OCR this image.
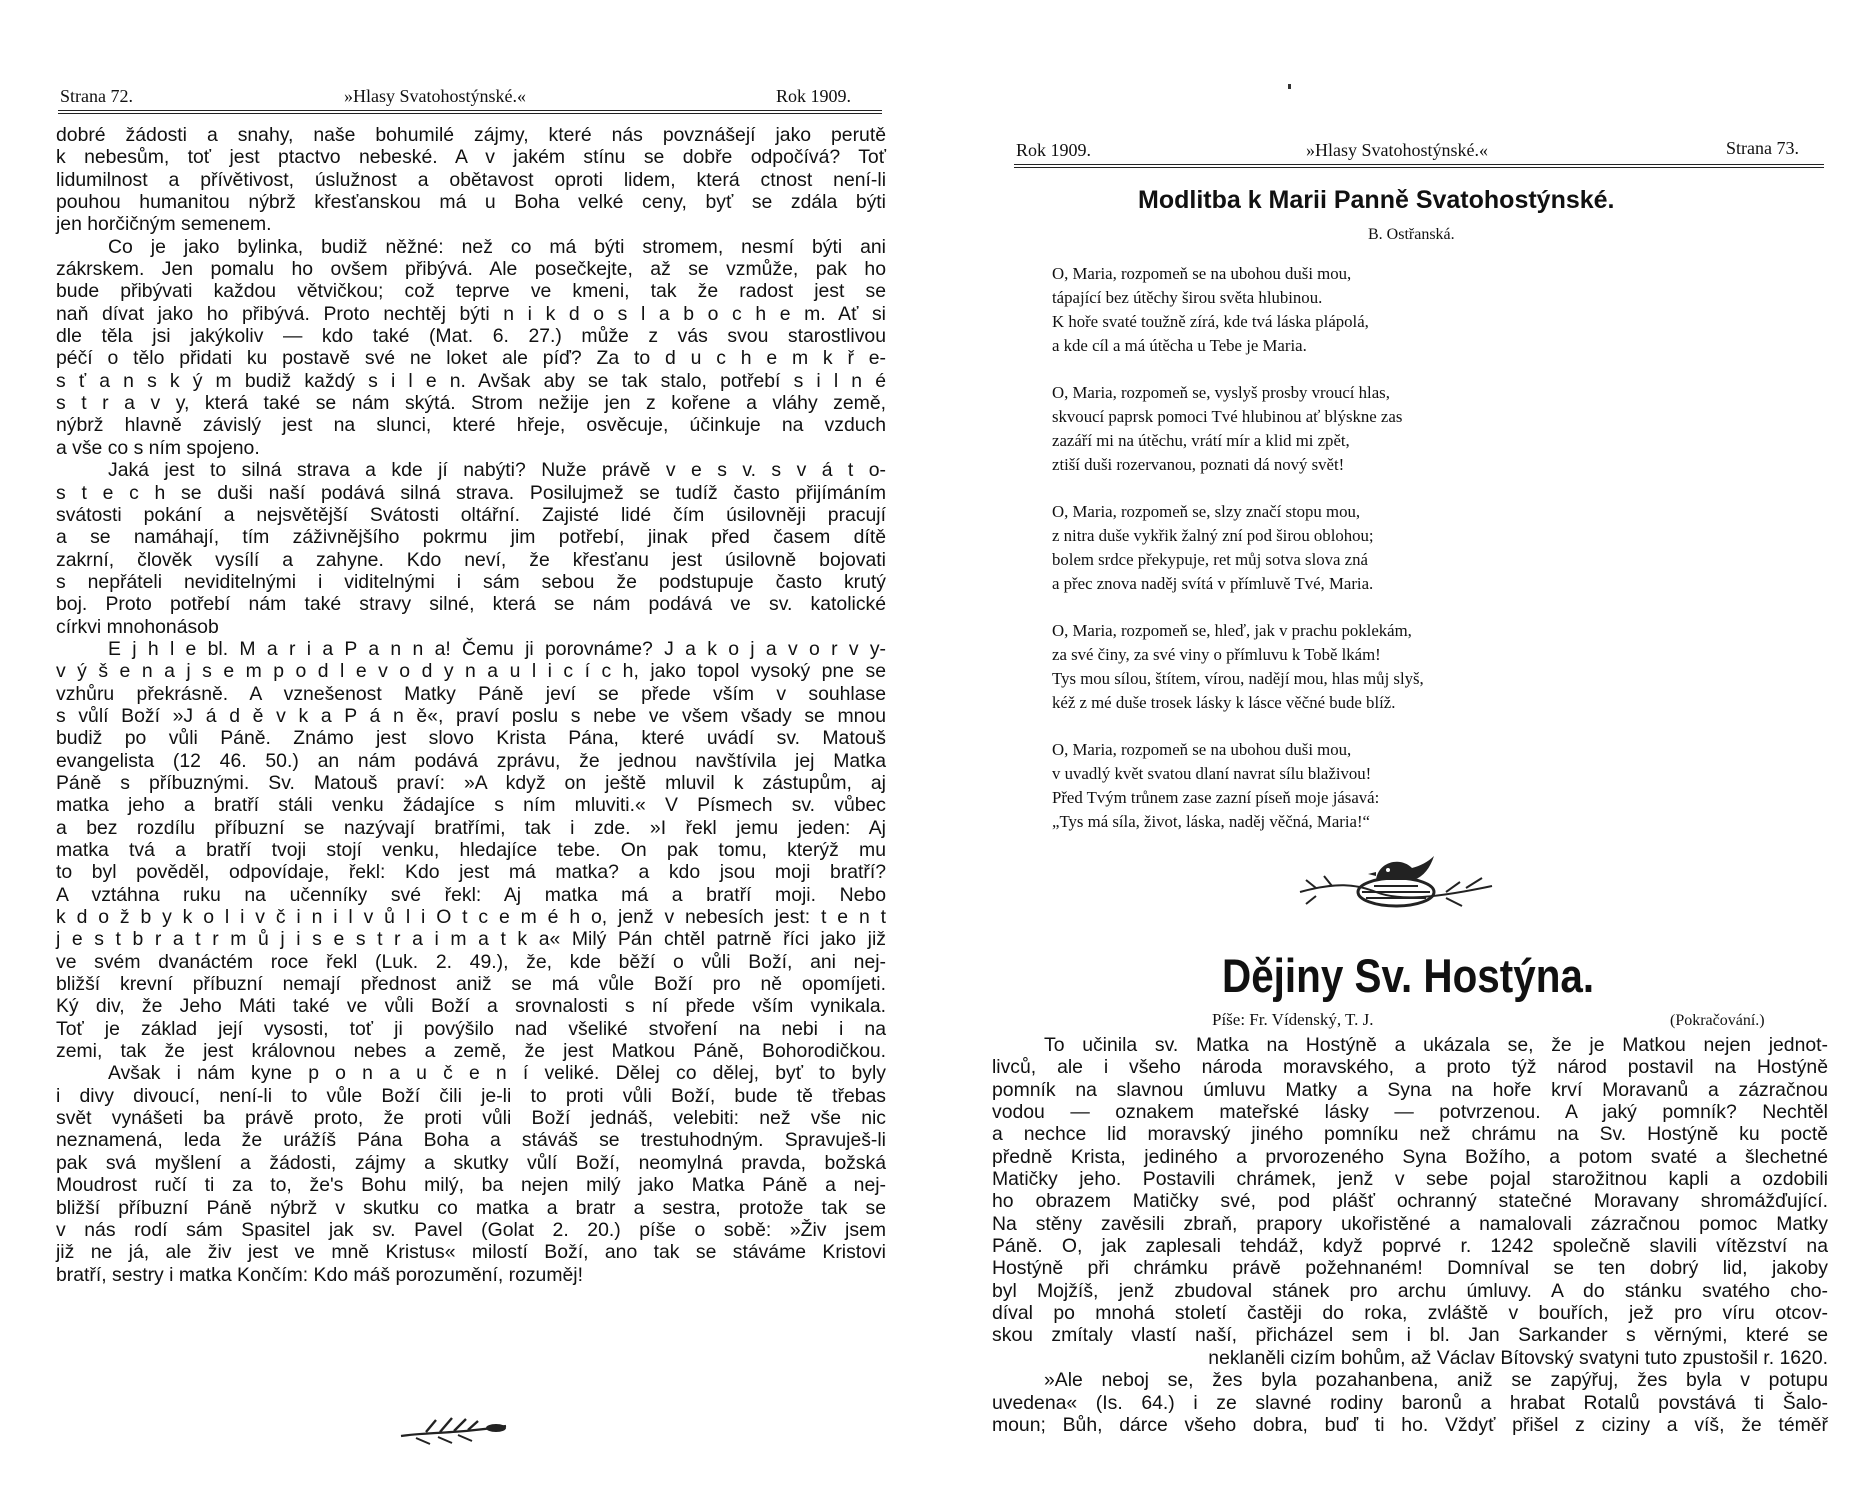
Strana 72.	»Hlasy Svatohostýnské.«	Rok 1909.

dobré žádosti a snahy, naše bohumilé zájmy, které nás povznášejí jako perutě

k nebesům, toť jest ptactvo nebeské. A v jakém stínu se dobře odpočívá? Toť

lidumilnost a přívětivost, úslužnost a obětavost oproti lidem, která ctnost není-li

pouhou humanitou nýbrž křesťanskou má u Boha velké ceny, byť se zdála býti

jen horčičným semenem.

Co je jako bylinka, budiž něžné: než co má býti stromem, nesmí býti ani

zákrskem. Jen pomalu ho ovšem přibývá. Ale posečkejte, až se vzmůže, pak ho

bude přibývati každou větvičkou; což teprve ve kmeni, tak že radost jest se

naň dívat jako ho přibývá. Proto nechtěj býti n i k d o s l a b o c h e m. Ať si

dle těla jsi jakýkoliv — kdo také (Mat. 6. 27.) může z vás svou starostlivou

péčí o tělo přidati ku postavě své ne loket ale píď? Za to d u c h e m k ř e-

s ť a n s k ý m budiž každý s i l e n. Avšak aby se tak stalo, potřebí s i l n é

s t r a v y, která také se nám skýtá. Strom nežije jen z kořene a vláhy země,

nýbrž hlavně závislý jest na slunci, které hřeje, osvěcuje, účinkuje na vzduch

a vše co s ním spojeno.

Jaká jest to silná strava a kde jí nabýti? Nuže právě v e s v. s v á t o-

s t e c h se duši naší podává silná strava. Posilujmež se tudíž často přijímáním

svátosti pokání a nejsvětější Svátosti oltářní. Zajisté lidé čím úsilovněji pracují

a se namáhají, tím záživnějšího pokrmu jim potřebí, jinak před časem dítě

zakrní, člověk vysílí a zahyne. Kdo neví, že křesťanu jest úsilovně bojovati

s nepřáteli neviditelnými i viditelnými i sám sebou že podstupuje často krutý

boj. Proto potřebí nám také stravy silné, která se nám podává ve sv. katolické

církvi mnohonásob

E j h l e bl. M a r i a P a n n a! Čemu ji porovnáme? J a k o j a v o r v y-

v ý š e n a j s e m p o d l e v o d y n a u l i c í c h, jako topol vysoký pne se

vzhůru překrásně. A vznešenost Matky Páně jeví se přede vším v souhlase

s vůlí Boží »J á d ě v k a P á n ě«, praví poslu s nebe ve všem všady se mnou

budiž po vůli Páně. Známo jest slovo Krista Pána, které uvádí sv. Matouš

evangelista (12 46. 50.) an nám podává zprávu, že jednou navštívila jej Matka

Páně s příbuznými. Sv. Matouš praví: »A když on ještě mluvil k zástupům, aj

matka jeho a bratří stáli venku žádajíce s ním mluviti.« V Písmech sv. vůbec

a bez rozdílu příbuzní se nazývají bratřími, tak i zde. »I řekl jemu jeden: Aj

matka tvá a bratří tvoji stojí venku, hledajíce tebe. On pak tomu, kterýž mu

to byl pověděl, odpovídaje, řekl: Kdo jest má matka? a kdo jsou moji bratří?

A vztáhna ruku na učenníky své řekl: Aj matka má a bratří moji. Nebo

k d o ž b y k o l i v č i n i l v ů l i O t c e m é h o, jenž v nebesích jest: t e n t

j e s t b r a t r m ů j i s e s t r a i m a t k a« Milý Pán chtěl patrně říci jako již

ve svém dvanáctém roce řekl (Luk. 2. 49.), že, kde běží o vůli Boží, ani nej-

bližší krevní příbuzní nemají přednost aniž se má vůle Boží pro ně opomíjeti.

Ký div, že Jeho Máti také ve vůli Boží a srovnalosti s ní přede vším vynikala.

Toť je základ její vysosti, toť ji povýšilo nad všeliké stvoření na nebi i na

zemi, tak že jest královnou nebes a země, že jest Matkou Páně, Bohorodičkou.

Avšak i nám kyne p o n a u č e n í veliké. Dělej co dělej, byť to byly

i divy divoucí, není-li to vůle Boží čili je-li to proti vůli Boží, bude tě třebas

svět vynášeti ba právě proto, že proti vůli Boží jednáš, velebiti: než vše nic

neznamená, leda že urážíš Pána Boha a stáváš se trestuhodným. Spravuješ-li

pak svá myšlení a žádosti, zájmy a skutky vůlí Boží, neomylná pravda, božská

Moudrost ručí ti za to, že's Bohu milý, ba nejen milý jako Matka Páně a nej-

bližší příbuzní Páně nýbrž v skutku co matka a bratr a sestra, protože tak se

v nás rodí sám Spasitel jak sv. Pavel (Golat 2. 20.) píše o sobě: »Živ jsem

již ne já, ale živ jest ve mně Kristus« milostí Boží, ano tak se stáváme Kristovi

bratří, sestry i matka Končím: Kdo máš porozumění, rozuměj!

Rok 1909.	»Hlasy Svatohostýnské.«	Strana 73.
Modlitba k Marii Panně Svatohostýnské.
B. Ostřanská.
O, Maria, rozpomeň se na ubohou duši mou,
tápající bez útěchy širou světa hlubinou.
K hoře svaté toužně zírá, kde tvá láska plápolá,
a kde cíl a má útěcha u Tebe je Maria.
O, Maria, rozpomeň se, vyslyš prosby vroucí hlas,
skvoucí paprsk pomoci Tvé hlubinou ať blýskne zas
zazáří mi na útěchu, vrátí mír a klid mi zpět,
ztiší duši rozervanou, poznati dá nový svět!
O, Maria, rozpomeň se, slzy značí stopu mou,
z nitra duše vykřik žalný zní pod širou oblohou;
bolem srdce překypuje, ret můj sotva slova zná
a přec znova naděj svítá v přímluvě Tvé, Maria.
O, Maria, rozpomeň se, hleď, jak v prachu poklekám,
za své činy, za své viny o přímluvu k Tobě lkám!
Tys mou sílou, štítem, vírou, nadějí mou, hlas můj slyš,
kéž z mé duše trosek lásky k lásce věčné bude blíž.
O, Maria, rozpomeň se na ubohou duši mou,
v uvadlý květ svatou dlaní navrat sílu blaživou!
Před Tvým trůnem zase zazní píseň moje jásavá:
„Tys má síla, život, láska, naděj věčná, Maria!“
Dějiny Sv. Hostýna.
Píše: Fr. Vídenský, T. J.	(Pokračování.)

To učinila sv. Matka na Hostýně a ukázala se, že je Matkou nejen jednot-

livců, ale i všeho národa moravského, a proto týž národ postavil na Hostýně

pomník na slavnou úmluvu Matky a Syna na hoře krví Moravanů a zázračnou

vodou — oznakem mateřské lásky — potvrzenou. A jaký pomník? Nechtěl

a nechce lid moravský jiného pomníku než chrámu na Sv. Hostýně ku poctě

předně Krista, jediného a prvorozeného Syna Božího, a potom svaté a šlechetné

Matičky jeho. Postavili chrámek, jenž v sebe pojal starožitnou kapli a ozdobili

ho obrazem Matičky své, pod plášť ochranný statečné Moravany shromážďující.

Na stěny zavěsili zbraň, prapory ukořistěné a namalovali zázračnou pomoc Matky

Páně. O, jak zaplesali tehdáž, když poprvé r. 1242 společně slavili vítězství na

Hostýně při chrámku právě požehnaném! Domníval se ten dobrý lid, jakoby

byl Mojžíš, jenž zbudoval stánek pro archu úmluvy. A do stánku svatého cho-

díval po mnohá století častěji do roka, zvláště v bouřích, jež pro víru otcov-

skou zmítaly vlastí naší, přicházel sem i bl. Jan Sarkander s věrnými, které se

neklaněli cizím bohům, až Václav Bítovský svatyni tuto zpustošil r. 1620.

»Ale neboj se, žes byla pozahanbena, aniž se zapýřuj, žes byla v potupu

uvedena« (Is. 64.) i ze slavné rodiny baronů a hrabat Rotalů povstává ti Šalo-

moun; Bůh, dárce všeho dobra, buď ti ho. Vždyť přišel z ciziny a víš, že téměř
